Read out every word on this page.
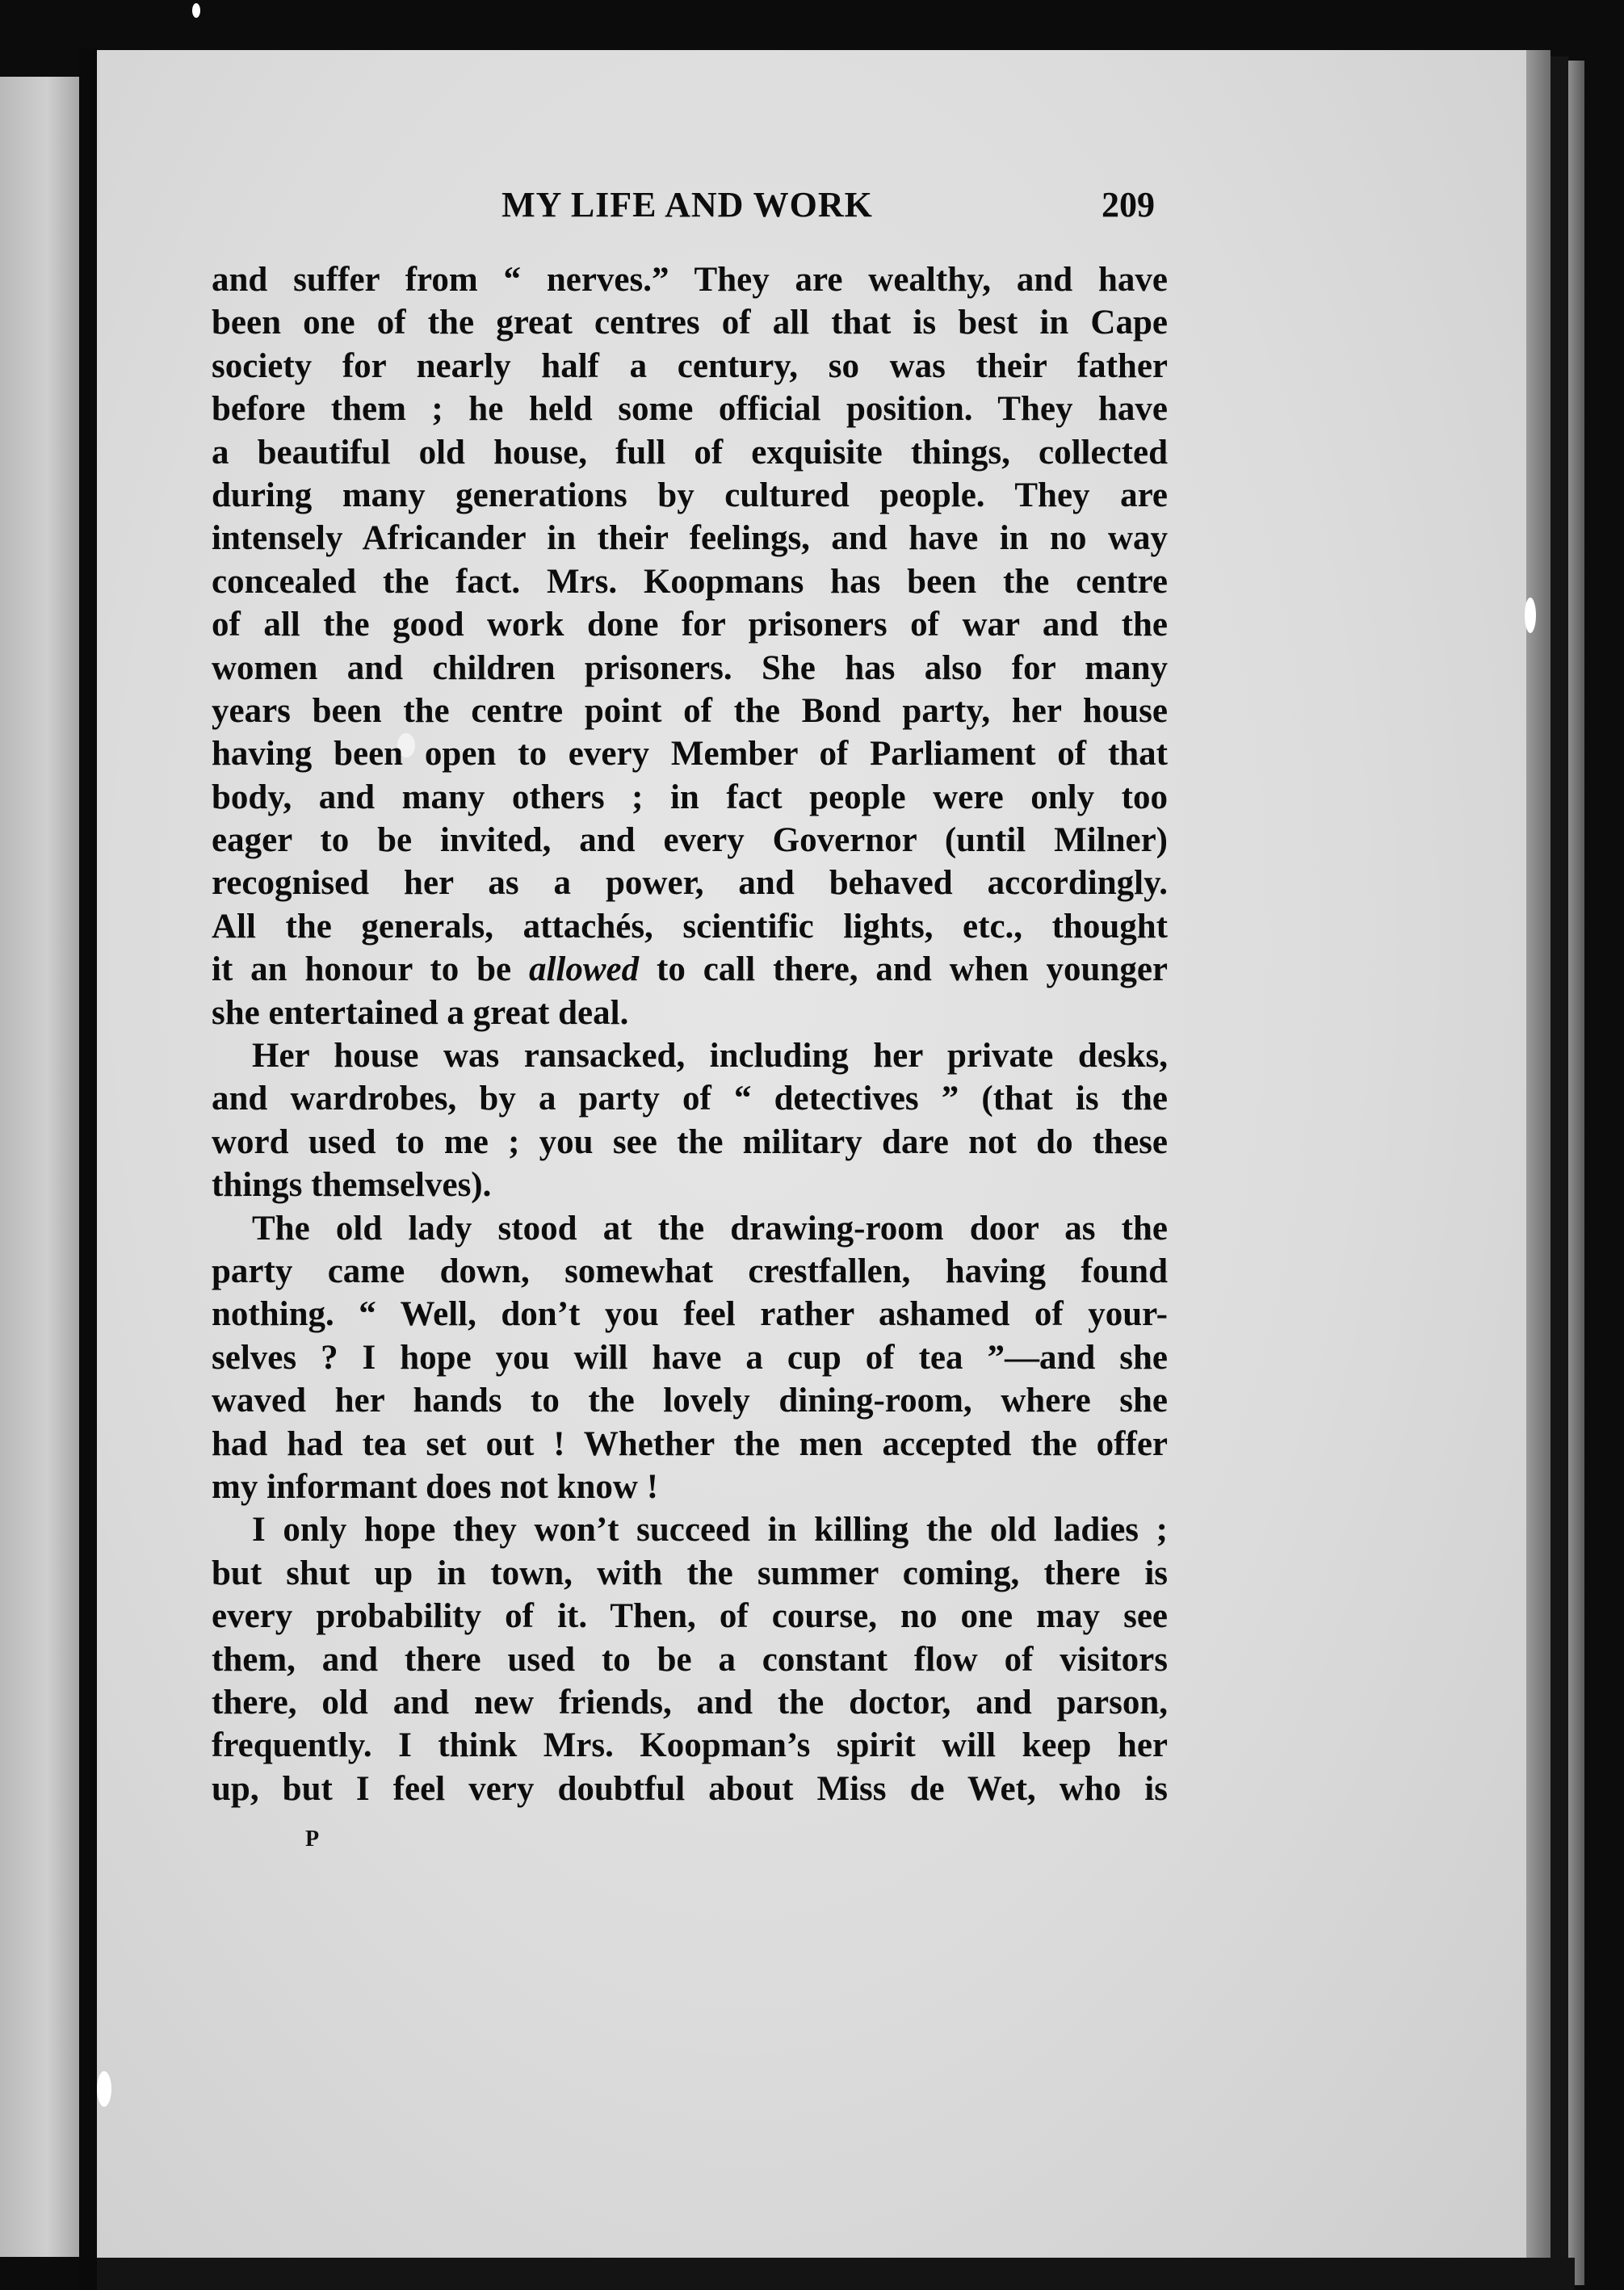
MY LIFE AND WORK	209
and suffer from “ nerves.” They are wealthy, and have
been one of the great centres of all that is best in Cape
society for nearly half a century, so was their father
before them ; he held some official position. They have
a beautiful old house, full of exquisite things, collected
during many generations by cultured people. They are
intensely Africander in their feelings, and have in no way
concealed the fact. Mrs. Koopmans has been the centre
of all the good work done for prisoners of war and the
women and children prisoners. She has also for many
years been the centre point of the Bond party, her house
having been open to every Member of Parliament of that
body, and many others ; in fact people were only too
eager to be invited, and every Governor (until Milner)
recognised her as a power, and behaved accordingly.
All the generals, attachés, scientific lights, etc., thought
it an honour to be allowed to call there, and when younger
she entertained a great deal.
Her house was ransacked, including her private desks,
and wardrobes, by a party of “ detectives ” (that is the
word used to me ; you see the military dare not do these
things themselves).
The old lady stood at the drawing-room door as the
party came down, somewhat crestfallen, having found
nothing. “ Well, don’t you feel rather ashamed of your-
selves ? I hope you will have a cup of tea ”—and she
waved her hands to the lovely dining-room, where she
had had tea set out ! Whether the men accepted the offer
my informant does not know !
I only hope they won’t succeed in killing the old ladies ;
but shut up in town, with the summer coming, there is
every probability of it. Then, of course, no one may see
them, and there used to be a constant flow of visitors
there, old and new friends, and the doctor, and parson,
frequently. I think Mrs. Koopman’s spirit will keep her
up, but I feel very doubtful about Miss de Wet, who is
P
